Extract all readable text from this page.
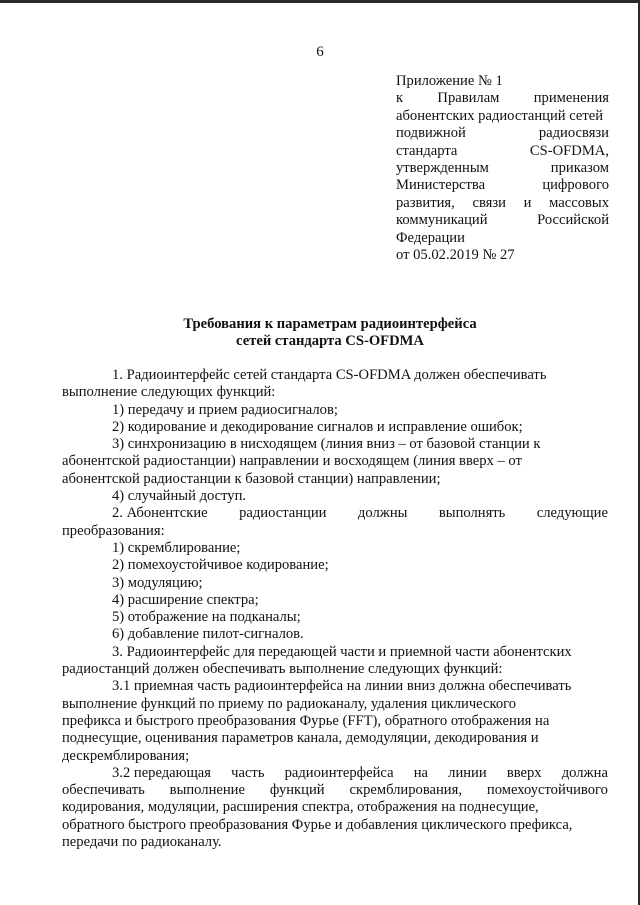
6
Приложение № 1
к Правилам применения
абонентских радиостанций сетей
подвижной	радиосвязи
стандарта	CS-OFDMA,
утвержденным	приказом
Министерства	цифрового
развития, связи и массовых
коммуникаций	Российской
Федерации
от 05.02.2019 № 27
Требования к параметрам радиоинтерфейса
сетей стандарта CS-OFDMA
1. Радиоинтерфейс сетей стандарта CS-OFDMA должен обеспечивать
выполнение следующих функций:
1) передачу и прием радиосигналов;
2) кодирование и декодирование сигналов и исправление ошибок;
3) синхронизацию в нисходящем (линия вниз – от базовой станции к
абонентской радиостанции) направлении и восходящем (линия вверх – от
абонентской радиостанции к базовой станции) направлении;
4) случайный доступ.
2. Абонентские радиостанции должны выполнять следующие
преобразования:
1) скремблирование;
2) помехоустойчивое кодирование;
3) модуляцию;
4) расширение спектра;
5) отображение на подканалы;
6) добавление пилот-сигналов.
3. Радиоинтерфейс для передающей части и приемной части абонентских
радиостанций должен обеспечивать выполнение следующих функций:
3.1 приемная часть радиоинтерфейса на линии вниз должна обеспечивать
выполнение функций по приему по радиоканалу, удаления циклического
префикса и быстрого преобразования Фурье (FFT), обратного отображения на
поднесущие, оценивания параметров канала, демодуляции, декодирования и
дескремблирования;
3.2 передающая часть радиоинтерфейса на линии вверх должна
обеспечивать выполнение функций скремблирования, помехоустойчивого
кодирования, модуляции, расширения спектра, отображения на поднесущие,
обратного быстрого преобразования Фурье и добавления циклического префикса,
передачи по радиоканалу.
